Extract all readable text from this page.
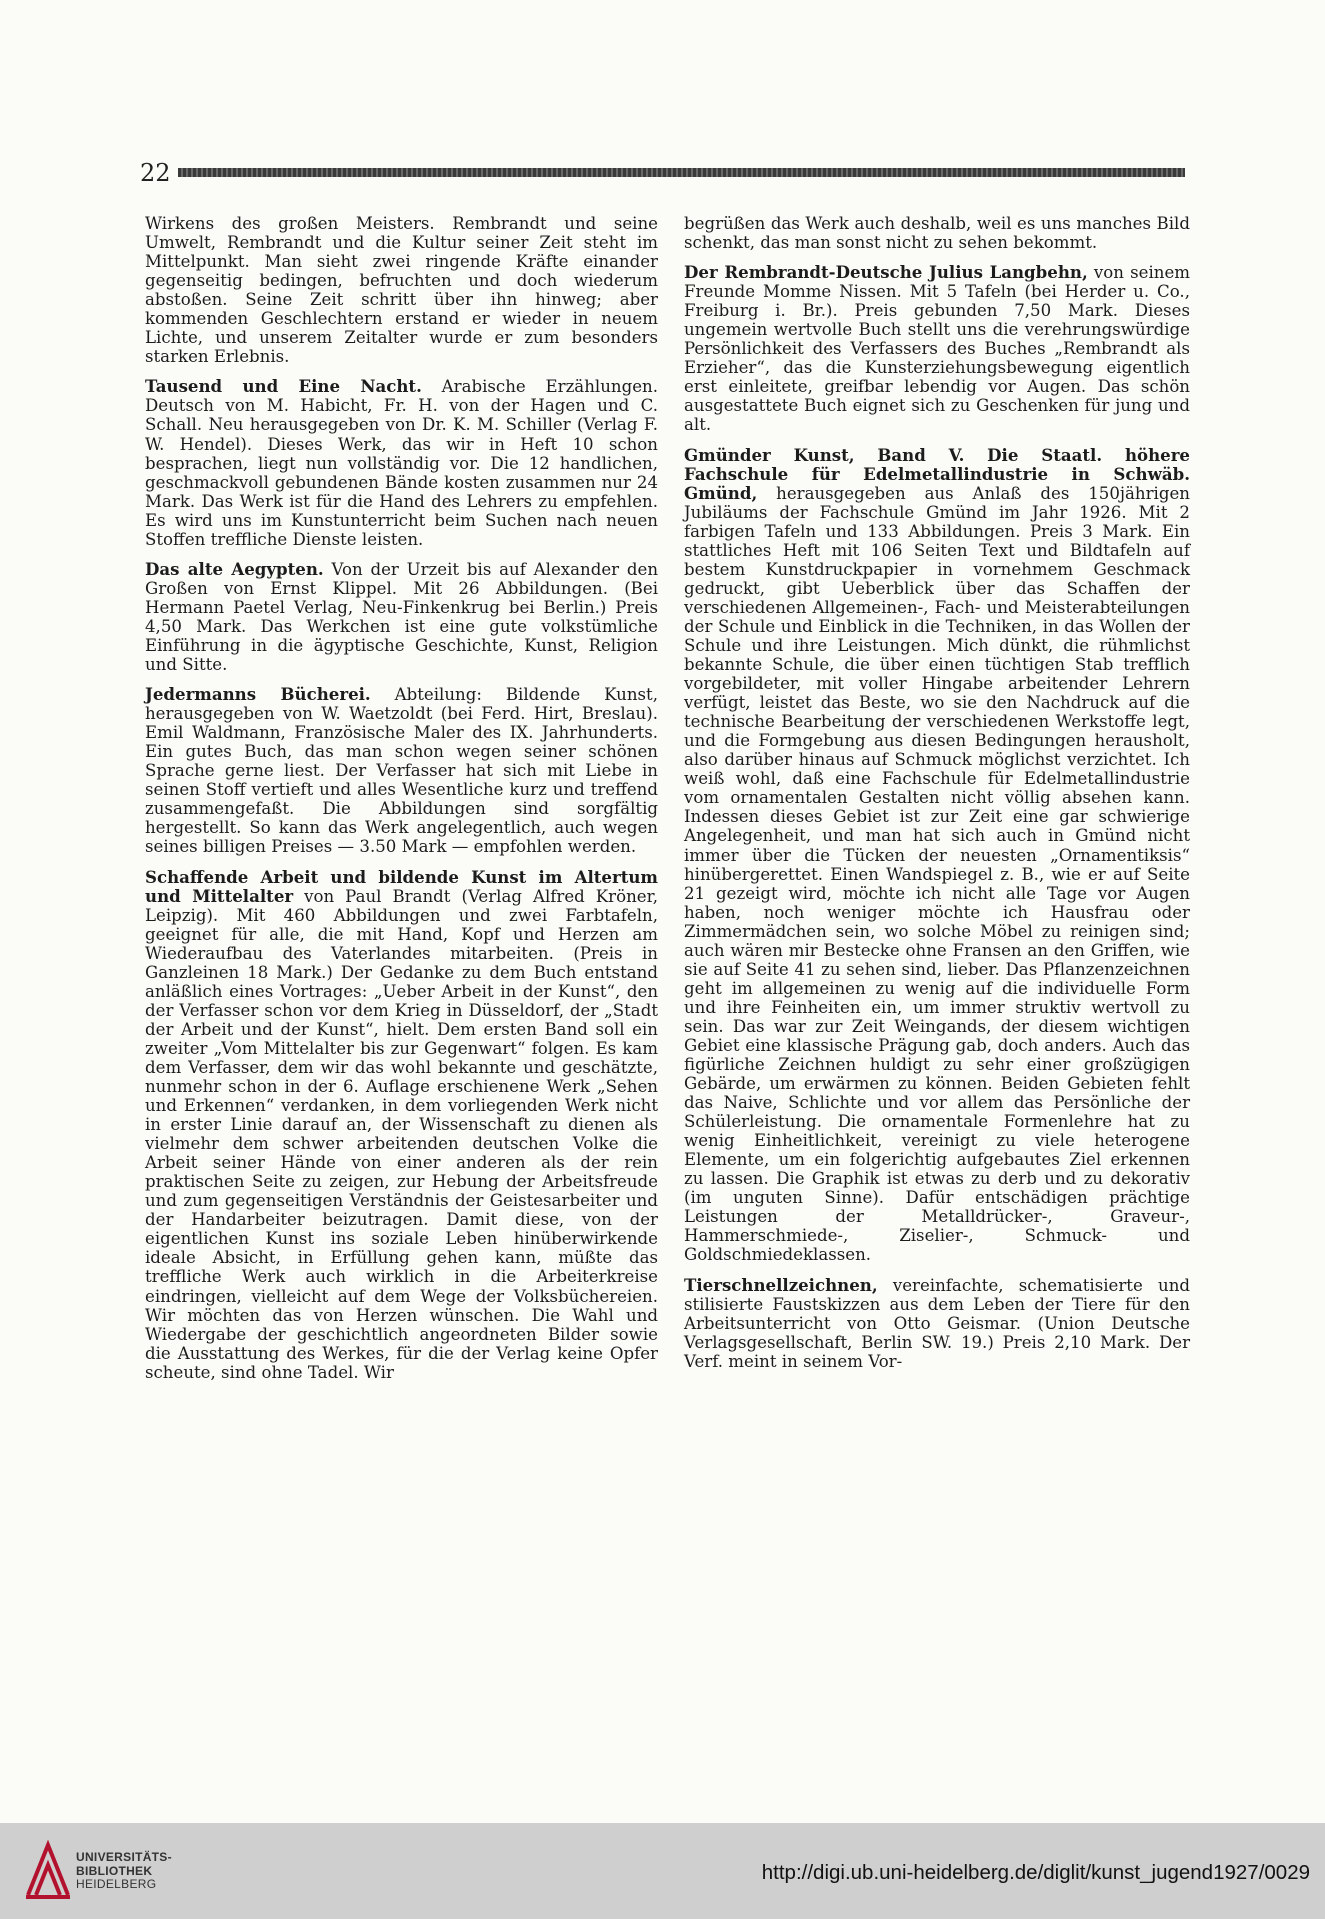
22

Wirkens des großen Meisters. Rembrandt und seine Umwelt, Rembrandt und die Kultur seiner Zeit steht im Mittelpunkt. Man sieht zwei ringende Kräfte einander gegenseitig bedingen, befruchten und doch wiederum abstoßen. Seine Zeit schritt über ihn hinweg; aber kommenden Geschlechtern erstand er wieder in neuem Lichte, und unserem Zeitalter wurde er zum besonders starken Erlebnis.

Tausend und Eine Nacht. Arabische Erzählungen. Deutsch von M. Habicht, Fr. H. von der Hagen und C. Schall. Neu herausgegeben von Dr. K. M. Schiller (Verlag F. W. Hendel). Dieses Werk, das wir in Heft 10 schon besprachen, liegt nun vollständig vor. Die 12 handlichen, geschmackvoll gebundenen Bände kosten zusammen nur 24 Mark. Das Werk ist für die Hand des Lehrers zu empfehlen. Es wird uns im Kunstunterricht beim Suchen nach neuen Stoffen treffliche Dienste leisten.

Das alte Aegypten. Von der Urzeit bis auf Alexander den Großen von Ernst Klippel. Mit 26 Abbildungen. (Bei Hermann Paetel Verlag, Neu-Finkenkrug bei Berlin.) Preis 4,50 Mark. Das Werkchen ist eine gute volkstümliche Einführung in die ägyptische Geschichte, Kunst, Religion und Sitte.

Jedermanns Bücherei. Abteilung: Bildende Kunst, herausgegeben von W. Waetzoldt (bei Ferd. Hirt, Breslau). Emil Waldmann, Französische Maler des IX. Jahrhunderts. Ein gutes Buch, das man schon wegen seiner schönen Sprache gerne liest. Der Verfasser hat sich mit Liebe in seinen Stoff vertieft und alles Wesentliche kurz und treffend zusammengefaßt. Die Abbildungen sind sorgfältig hergestellt. So kann das Werk angelegentlich, auch wegen seines billigen Preises — 3.50 Mark — empfohlen werden.

Schaffende Arbeit und bildende Kunst im Altertum und Mittelalter von Paul Brandt (Verlag Alfred Kröner, Leipzig). Mit 460 Abbildungen und zwei Farbtafeln, geeignet für alle, die mit Hand, Kopf und Herzen am Wiederaufbau des Vaterlandes mitarbeiten. (Preis in Ganzleinen 18 Mark.) Der Gedanke zu dem Buch entstand anläßlich eines Vortrages: „Ueber Arbeit in der Kunst“, den der Verfasser schon vor dem Krieg in Düsseldorf, der „Stadt der Arbeit und der Kunst“, hielt. Dem ersten Band soll ein zweiter „Vom Mittelalter bis zur Gegenwart“ folgen. Es kam dem Verfasser, dem wir das wohl bekannte und geschätzte, nunmehr schon in der 6. Auflage erschienene Werk „Sehen und Erkennen“ verdanken, in dem vorliegenden Werk nicht in erster Linie darauf an, der Wissenschaft zu dienen als vielmehr dem schwer arbeitenden deutschen Volke die Arbeit seiner Hände von einer anderen als der rein praktischen Seite zu zeigen, zur Hebung der Arbeitsfreude und zum gegenseitigen Verständnis der Geistesarbeiter und der Handarbeiter beizutragen. Damit diese, von der eigentlichen Kunst ins soziale Leben hinüberwirkende ideale Absicht, in Erfüllung gehen kann, müßte das treffliche Werk auch wirklich in die Arbeiterkreise eindringen, vielleicht auf dem Wege der Volksbüchereien. Wir möchten das von Herzen wünschen. Die Wahl und Wiedergabe der geschichtlich angeordneten Bilder sowie die Ausstattung des Werkes, für die der Verlag keine Opfer scheute, sind ohne Tadel. Wir

begrüßen das Werk auch deshalb, weil es uns manches Bild schenkt, das man sonst nicht zu sehen bekommt.

Der Rembrandt-Deutsche Julius Langbehn, von seinem Freunde Momme Nissen. Mit 5 Tafeln (bei Herder u. Co., Freiburg i. Br.). Preis gebunden 7,50 Mark. Dieses ungemein wertvolle Buch stellt uns die verehrungswürdige Persönlichkeit des Verfassers des Buches „Rembrandt als Erzieher“, das die Kunsterziehungsbewegung eigentlich erst einleitete, greifbar lebendig vor Augen. Das schön ausgestattete Buch eignet sich zu Geschenken für jung und alt.

Gmünder Kunst, Band V. Die Staatl. höhere Fachschule für Edelmetallindustrie in Schwäb. Gmünd, herausgegeben aus Anlaß des 150jährigen Jubiläums der Fachschule Gmünd im Jahr 1926. Mit 2 farbigen Tafeln und 133 Abbildungen. Preis 3 Mark. Ein stattliches Heft mit 106 Seiten Text und Bildtafeln auf bestem Kunstdruckpapier in vornehmem Geschmack gedruckt, gibt Ueberblick über das Schaffen der verschiedenen Allgemeinen-, Fach- und Meisterabteilungen der Schule und Einblick in die Techniken, in das Wollen der Schule und ihre Leistungen. Mich dünkt, die rühmlichst bekannte Schule, die über einen tüchtigen Stab trefflich vorgebildeter, mit voller Hingabe arbeitender Lehrern verfügt, leistet das Beste, wo sie den Nachdruck auf die technische Bearbeitung der verschiedenen Werkstoffe legt, und die Formgebung aus diesen Bedingungen herausholt, also darüber hinaus auf Schmuck möglichst verzichtet. Ich weiß wohl, daß eine Fachschule für Edelmetallindustrie vom ornamentalen Gestalten nicht völlig absehen kann. Indessen dieses Gebiet ist zur Zeit eine gar schwierige Angelegenheit, und man hat sich auch in Gmünd nicht immer über die Tücken der neuesten „Ornamentiksis“ hinübergerettet. Einen Wandspiegel z. B., wie er auf Seite 21 gezeigt wird, möchte ich nicht alle Tage vor Augen haben, noch weniger möchte ich Hausfrau oder Zimmermädchen sein, wo solche Möbel zu reinigen sind; auch wären mir Bestecke ohne Fransen an den Griffen, wie sie auf Seite 41 zu sehen sind, lieber. Das Pflanzenzeichnen geht im allgemeinen zu wenig auf die individuelle Form und ihre Feinheiten ein, um immer struktiv wertvoll zu sein. Das war zur Zeit Weingands, der diesem wichtigen Gebiet eine klassische Prägung gab, doch anders. Auch das figürliche Zeichnen huldigt zu sehr einer großzügigen Gebärde, um erwärmen zu können. Beiden Gebieten fehlt das Naive, Schlichte und vor allem das Persönliche der Schülerleistung. Die ornamentale Formenlehre hat zu wenig Einheitlichkeit, vereinigt zu viele heterogene Elemente, um ein folgerichtig aufgebautes Ziel erkennen zu lassen. Die Graphik ist etwas zu derb und zu dekorativ (im unguten Sinne). Dafür entschädigen prächtige Leistungen der Metalldrücker-, Graveur-, Hammerschmiede-, Ziselier-, Schmuck- und Goldschmiedeklassen.

Tierschnellzeichnen, vereinfachte, schematisierte und stilisierte Faustskizzen aus dem Leben der Tiere für den Arbeitsunterricht von Otto Geismar. (Union Deutsche Verlagsgesellschaft, Berlin SW. 19.) Preis 2,10 Mark. Der Verf. meint in seinem Vor-

UNIVERSITÄTS-
BIBLIOTHEK
HEIDELBERG	http://digi.ub.uni-heidelberg.de/diglit/kunst_jugend1927/0029
